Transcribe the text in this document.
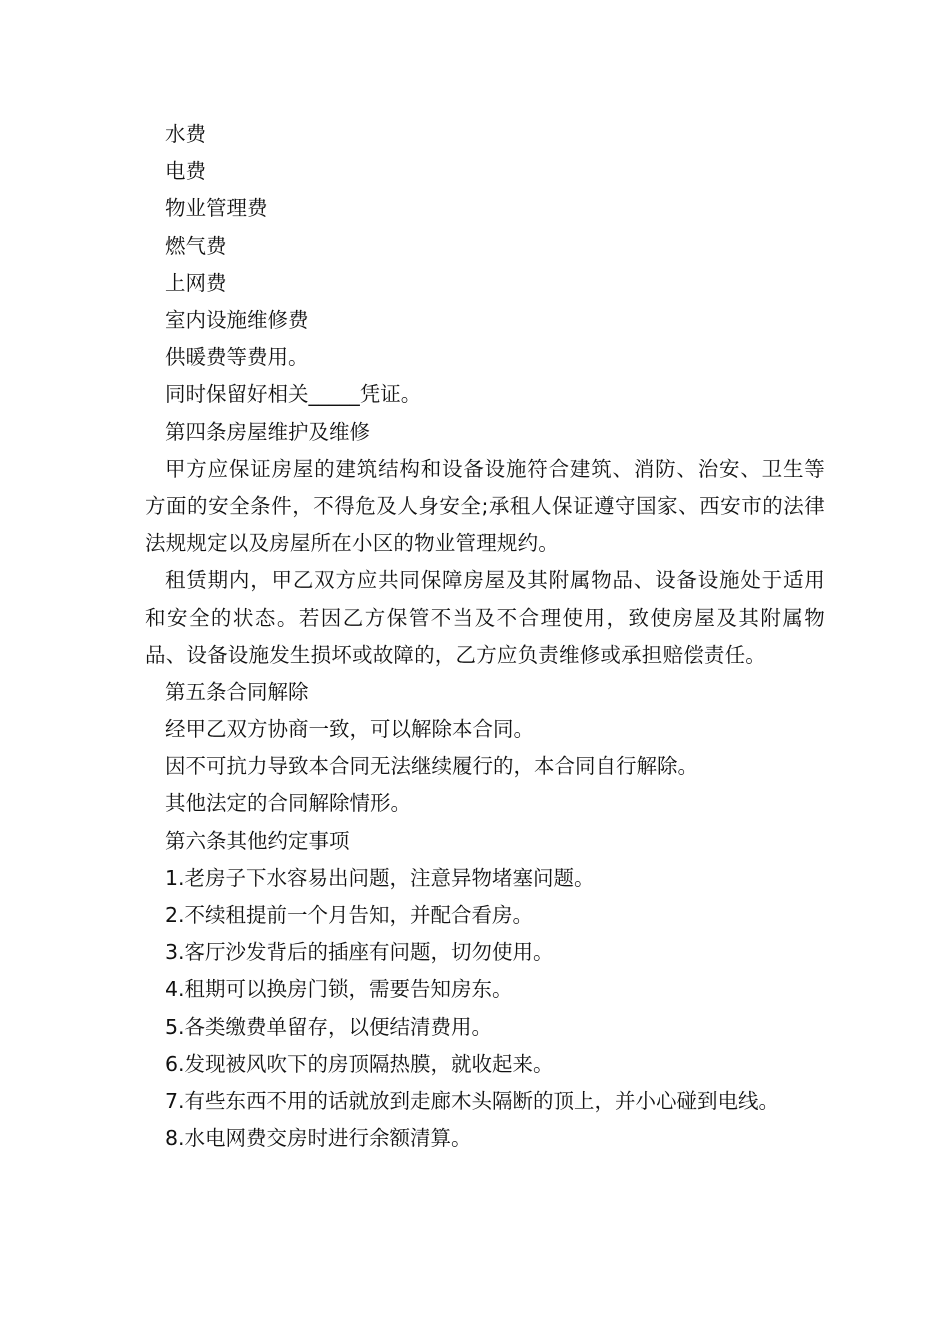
水费
电费
物业管理费
燃气费
上网费
室内设施维修费
供暖费等费用。
同时保留好相关_____凭证。
第四条房屋维护及维修

甲方应保证房屋的建筑结构和设备设施符合建筑、消防、治安、卫生等方面的安全条件，不得危及人身安全;承租人保证遵守国家、西安市的法律法规规定以及房屋所在小区的物业管理规约。

租赁期内，甲乙双方应共同保障房屋及其附属物品、设备设施处于适用和安全的状态。若因乙方保管不当及不合理使用，致使房屋及其附属物品、设备设施发生损坏或故障的，乙方应负责维修或承担赔偿责任。

第五条合同解除
经甲乙双方协商一致，可以解除本合同。
因不可抗力导致本合同无法继续履行的，本合同自行解除。
其他法定的合同解除情形。
第六条其他约定事项
1.老房子下水容易出问题，注意异物堵塞问题。
2.不续租提前一个月告知，并配合看房。
3.客厅沙发背后的插座有问题，切勿使用。
4.租期可以换房门锁，需要告知房东。
5.各类缴费单留存，以便结清费用。
6.发现被风吹下的房顶隔热膜，就收起来。
7.有些东西不用的话就放到走廊木头隔断的顶上，并小心碰到电线。
8.水电网费交房时进行余额清算。
